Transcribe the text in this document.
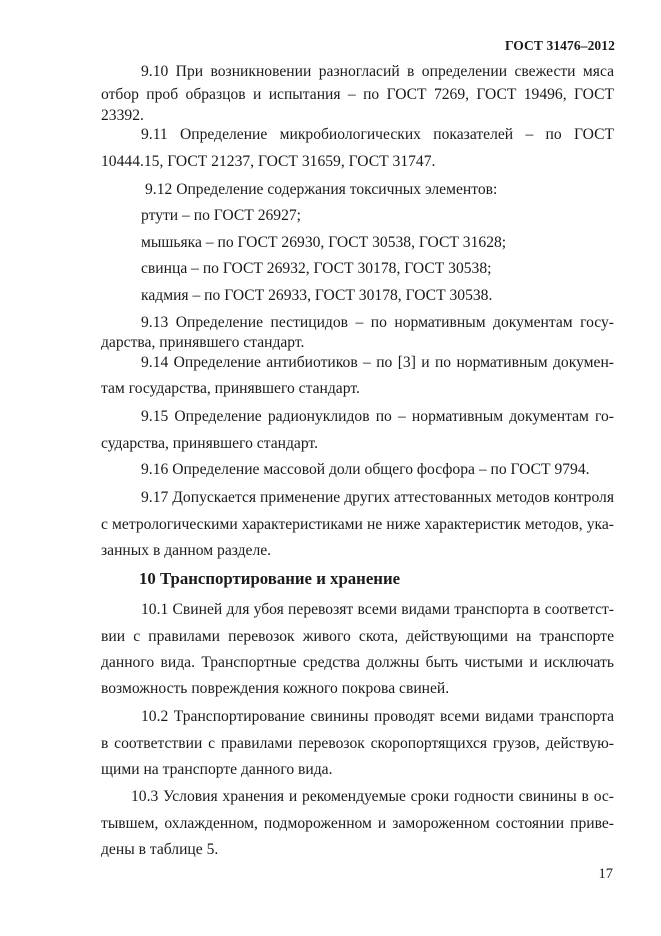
ГОСТ 31476–2012
9.10 При возникновении разногласий в определении свежести мяса
отбор проб образцов и испытания – по ГОСТ 7269, ГОСТ 19496, ГОСТ
23392.
9.11 Определение микробиологических показателей – по ГОСТ
10444.15, ГОСТ 21237, ГОСТ 31659, ГОСТ 31747.
9.12 Определение содержания токсичных элементов:
ртути – по ГОСТ 26927;
мышьяка – по ГОСТ 26930, ГОСТ 30538, ГОСТ 31628;
свинца – по ГОСТ 26932, ГОСТ 30178, ГОСТ 30538;
кадмия – по ГОСТ 26933, ГОСТ 30178, ГОСТ 30538.
9.13 Определение пестицидов – по нормативным документам госу-
дарства, принявшего стандарт.
9.14 Определение антибиотиков – по [3] и по нормативным докумен-
там государства, принявшего стандарт.
9.15 Определение радионуклидов по – нормативным документам го-
сударства, принявшего стандарт.
9.16 Определение массовой доли общего фосфора – по ГОСТ 9794.
9.17 Допускается применение других аттестованных методов контроля
с метрологическими характеристиками не ниже характеристик методов, ука-
занных в данном разделе.
10 Транспортирование и хранение
10.1 Свиней для убоя перевозят всеми видами транспорта в соответст-
вии с правилами перевозок живого скота, действующими на транспорте
данного вида. Транспортные средства должны быть чистыми и исключать
возможность повреждения кожного покрова свиней.
10.2 Транспортирование свинины проводят всеми видами транспорта
в соответствии с правилами перевозок скоропортящихся грузов, действую-
щими на транспорте данного вида.
10.3 Условия хранения и рекомендуемые сроки годности свинины в ос-
тывшем, охлажденном, подмороженном и замороженном состоянии приве-
дены в таблице 5.
17
